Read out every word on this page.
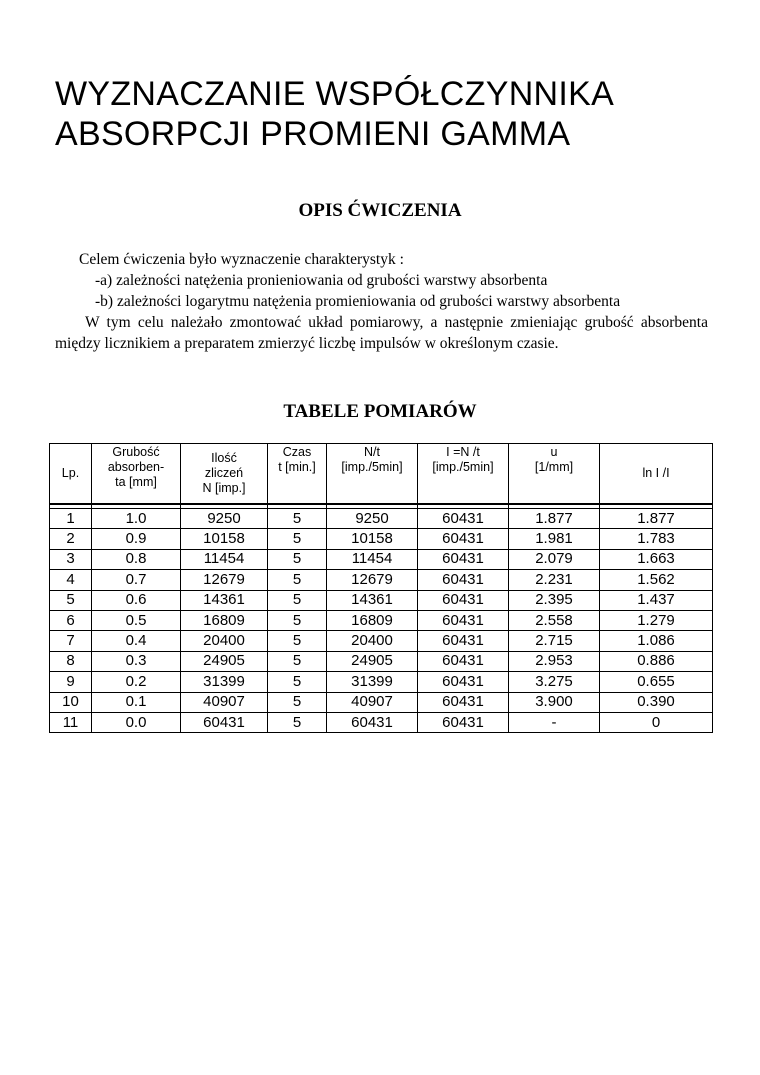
WYZNACZANIE WSPÓŁCZYNNIKA
ABSORPCJI PROMIENI GAMMA
OPIS ĆWICZENIA

Celem ćwiczenia było wyznaczenie charakterystyk :

-a) zależności natężenia pronieniowania od grubości warstwy absorbenta

-b) zależności logarytmu natężenia promieniowania od grubości warstwy absorbenta

W tym celu należało zmontować układ pomiarowy, a następnie zmieniając grubość absorbenta między licznikiem a preparatem zmierzyć liczbę impulsów w określonym czasie.

TABELE POMIARÓW
Lp.	Grubość
absorben-
ta [mm]	Ilość
zliczeń
N [imp.]	Czas
t [min.]	N/t
[imp./5min]	I =N /t
[imp./5min]	u
[1/mm]	ln I /I

1	1.0	9250	5	9250	60431	1.877	1.877
2	0.9	10158	5	10158	60431	1.981	1.783
3	0.8	11454	5	11454	60431	2.079	1.663
4	0.7	12679	5	12679	60431	2.231	1.562
5	0.6	14361	5	14361	60431	2.395	1.437
6	0.5	16809	5	16809	60431	2.558	1.279
7	0.4	20400	5	20400	60431	2.715	1.086
8	0.3	24905	5	24905	60431	2.953	0.886
9	0.2	31399	5	31399	60431	3.275	0.655
10	0.1	40907	5	40907	60431	3.900	0.390
11	0.0	60431	5	60431	60431	-	0
